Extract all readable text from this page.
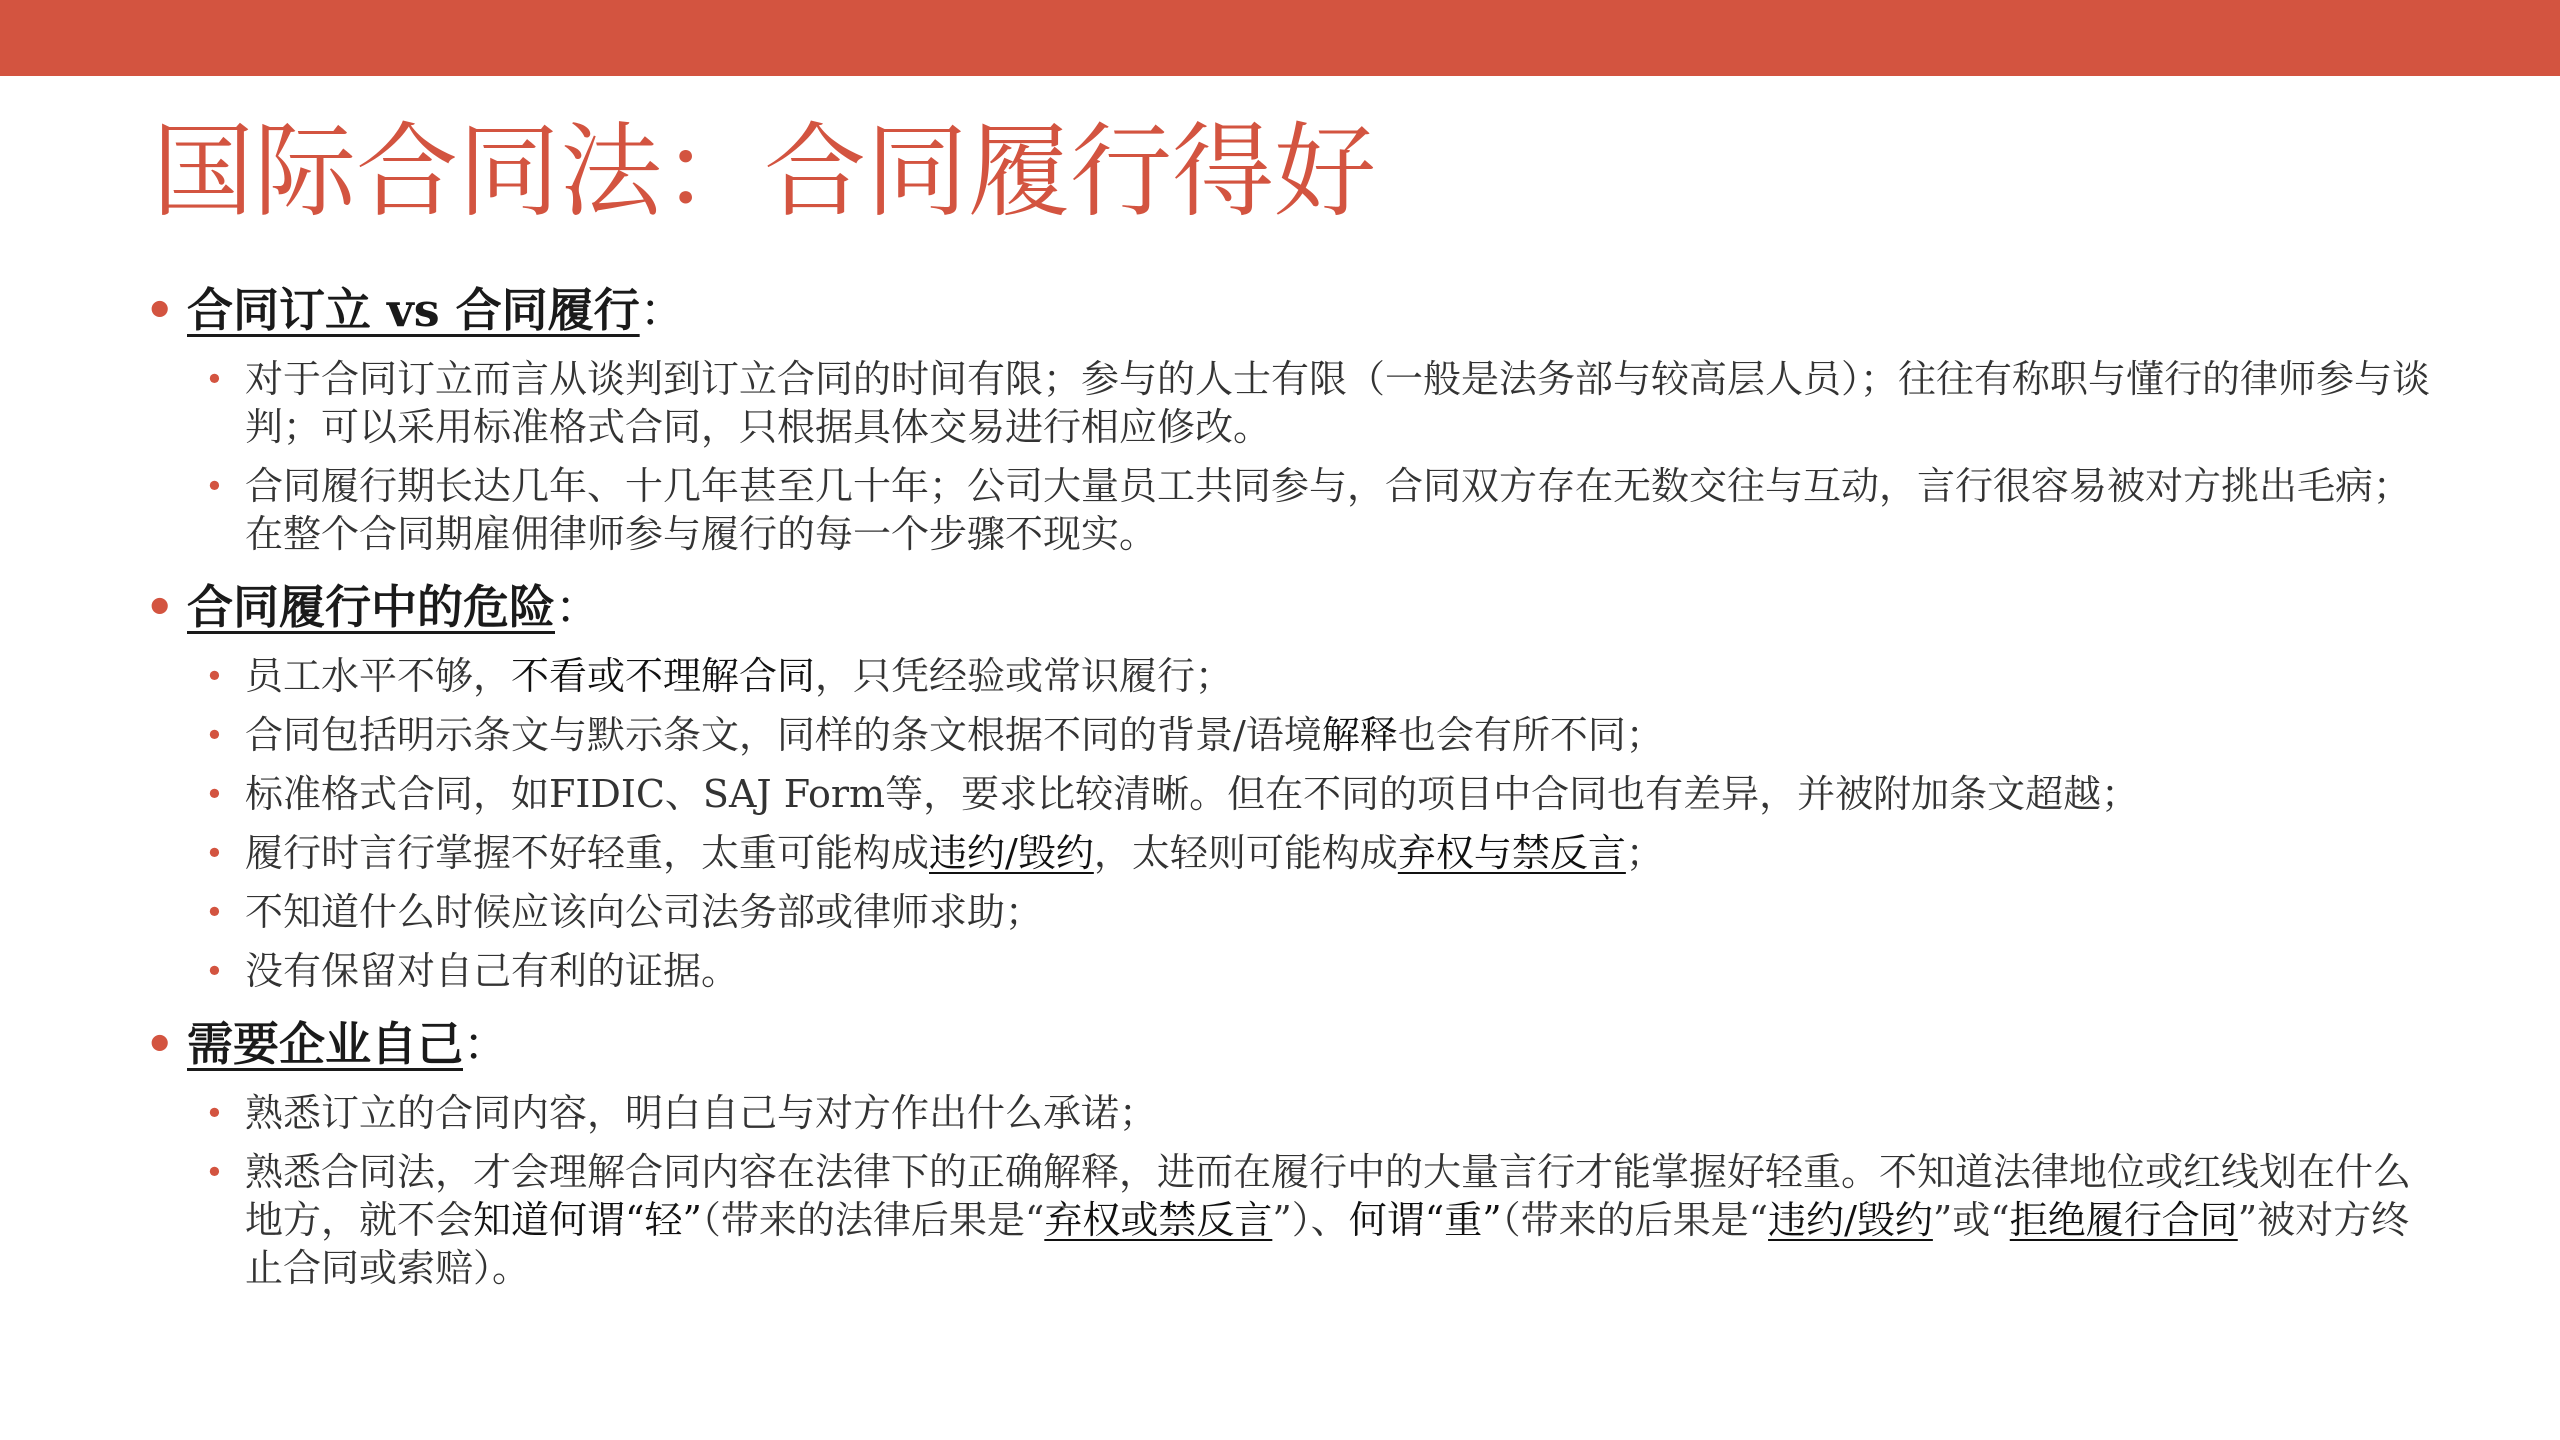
国际合同法：合同履行得好
• 合同订立 vs 合同履行：
• 对于合同订立而言从谈判到订立合同的时间有限；参与的人士有限（一般是法务部与较高层人员）；往往有称职与懂行的律师参与谈判；可以采用标准格式合同，只根据具体交易进行相应修改。
• 合同履行期长达几年、十几年甚至几十年；公司大量员工共同参与，合同双方存在无数交往与互动，言行很容易被对方挑出毛病；在整个合同期雇佣律师参与履行的每一个步骤不现实。
• 合同履行中的危险：
• 员工水平不够，不看或不理解合同，只凭经验或常识履行；
• 合同包括明示条文与默示条文，同样的条文根据不同的背景/语境解释也会有所不同；
• 标准格式合同，如FIDIC、SAJ Form等，要求比较清晰。但在不同的项目中合同也有差异，并被附加条文超越；
• 履行时言行掌握不好轻重，太重可能构成违约/毁约，太轻则可能构成弃权与禁反言；
• 不知道什么时候应该向公司法务部或律师求助；
• 没有保留对自己有利的证据。
• 需要企业自己：
• 熟悉订立的合同内容，明白自己与对方作出什么承诺；
• 熟悉合同法，才会理解合同内容在法律下的正确解释，进而在履行中的大量言行才能掌握好轻重。不知道法律地位或红线划在什么地方，就不会知道何谓“轻”（带来的法律后果是“弃权或禁反言”）、何谓“重”（带来的后果是“违约/毁约”或“拒绝履行合同”被对方终止合同或索赔）。
